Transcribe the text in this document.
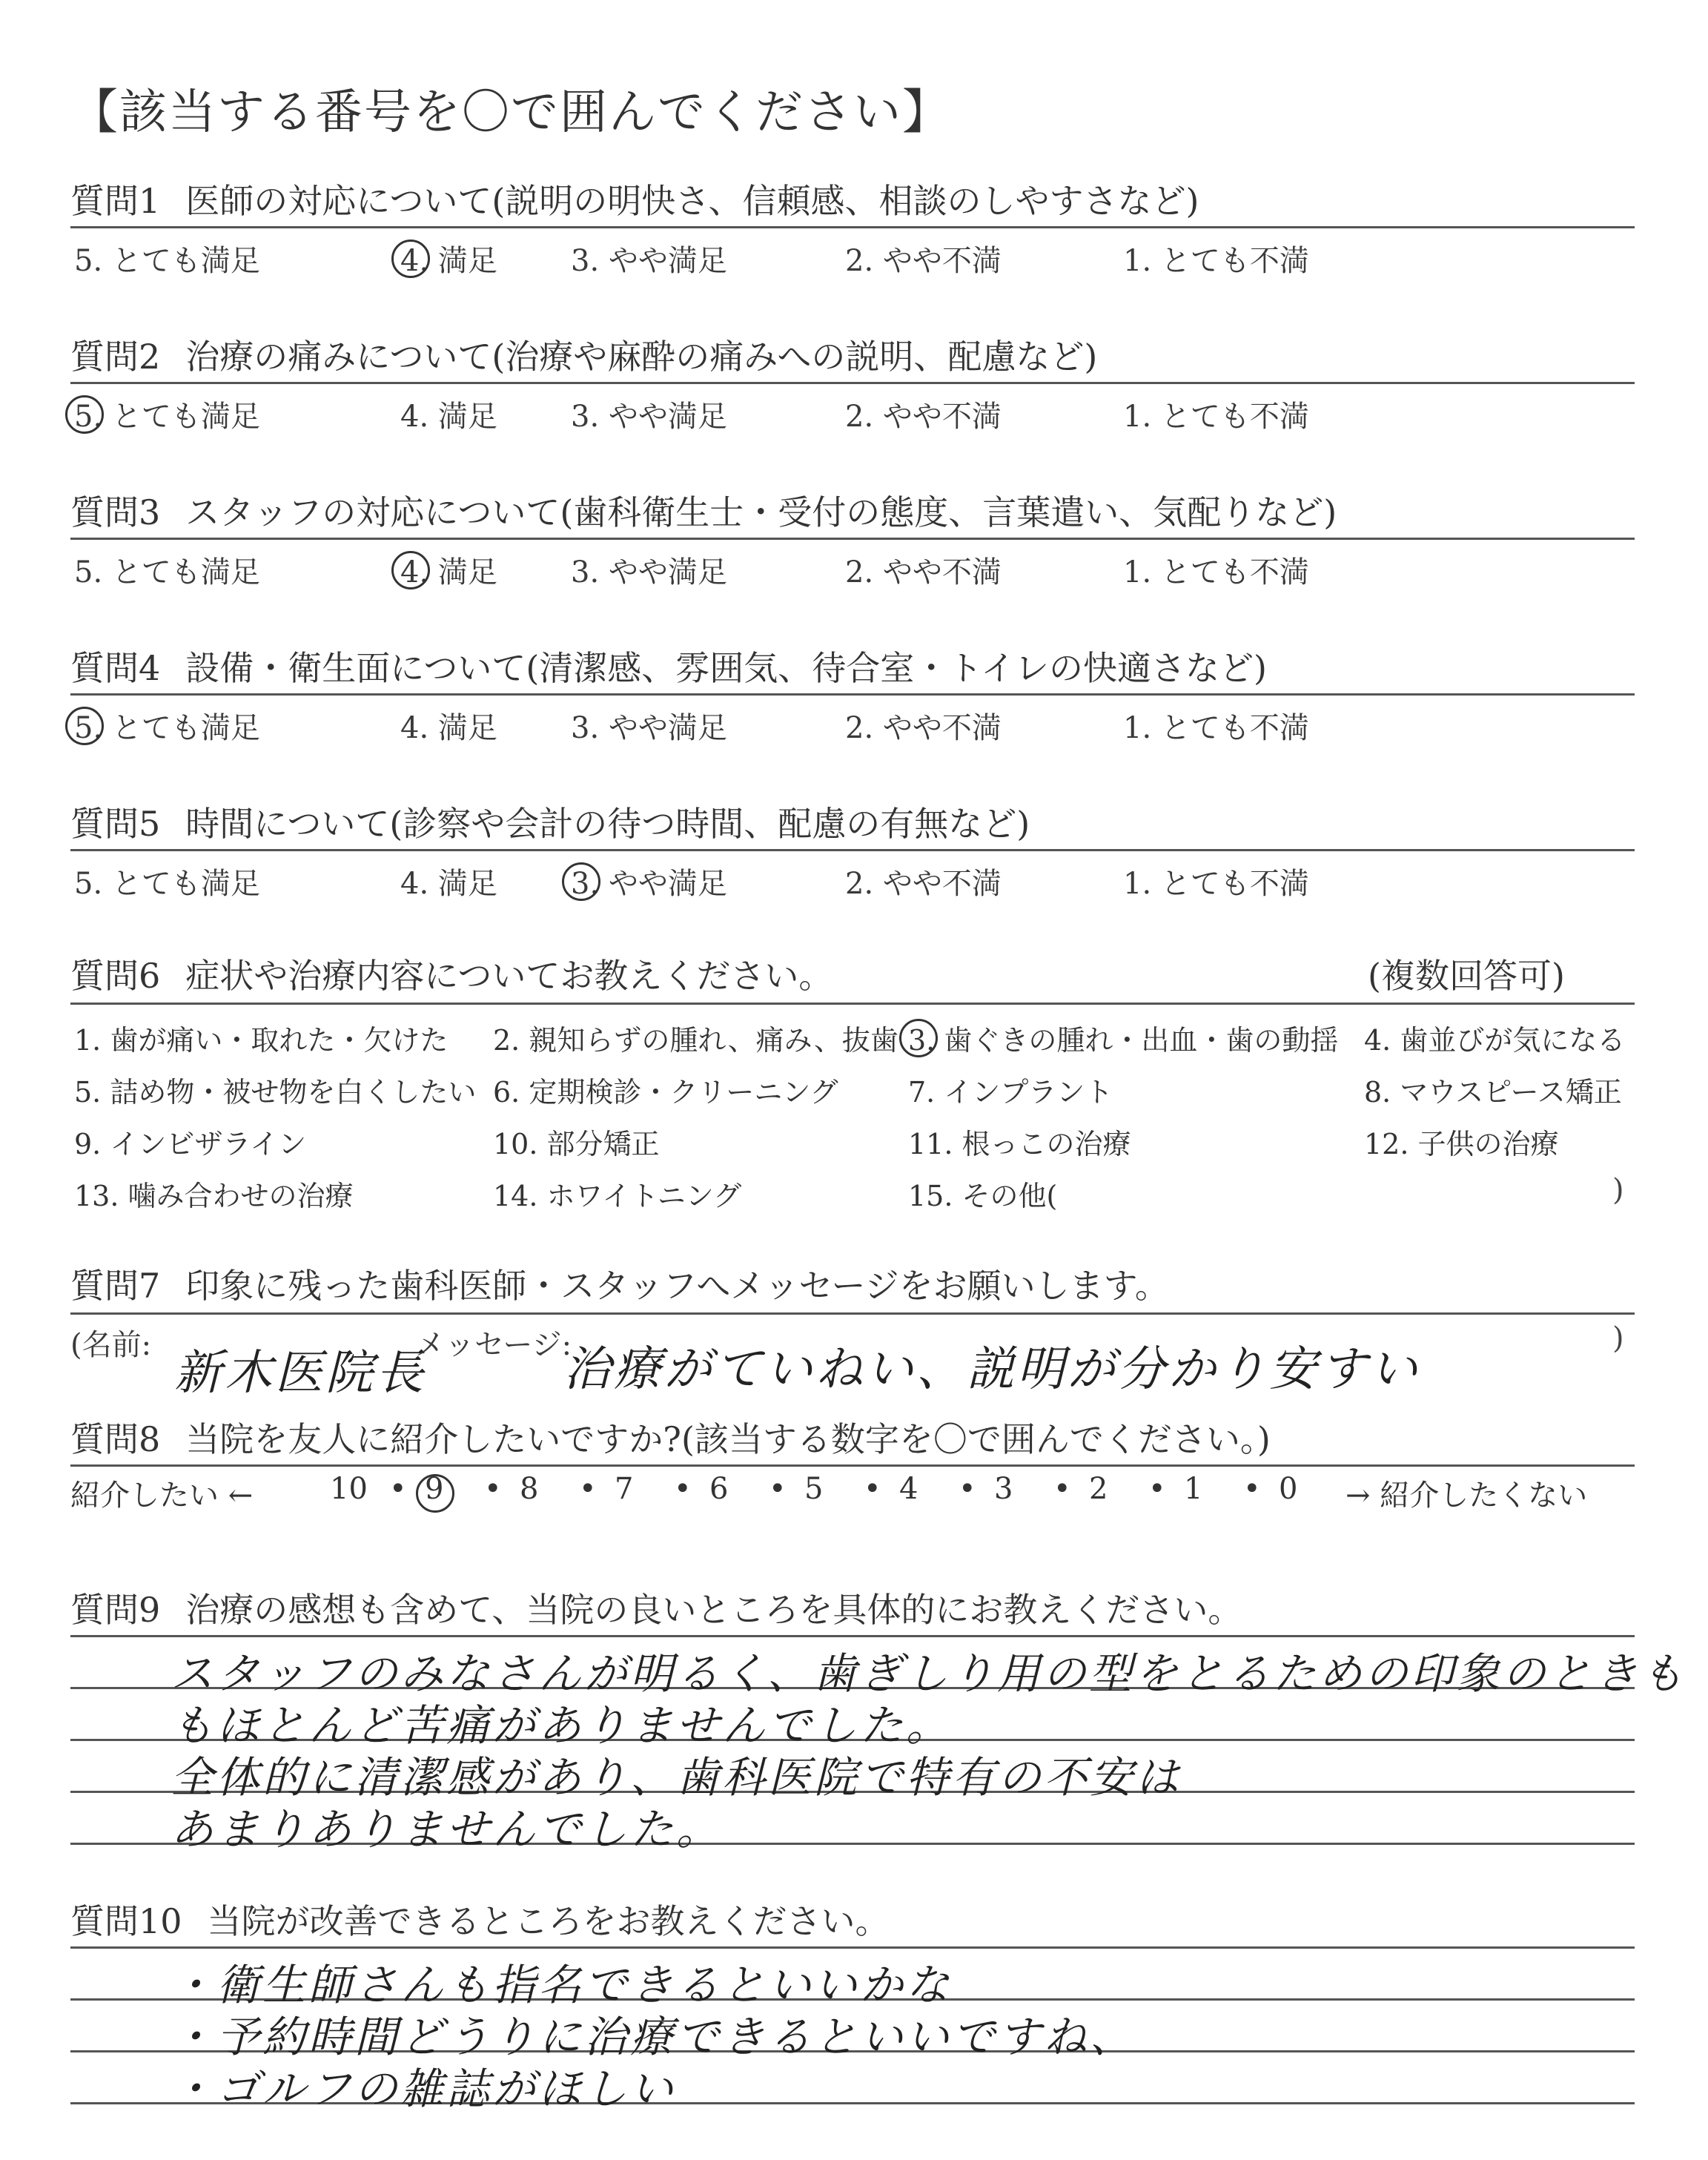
【該当する番号を〇で囲んでください】
質問1 医師の対応について(説明の明快さ、信頼感、相談のしやすさなど)
5. とても満足	4. 満足 3. やや満足	2. やや不満	1. とても不満
質問2 治療の痛みについて(治療や麻酔の痛みへの説明、配慮など)
5. とても満足	4. 満足 3. やや満足	2. やや不満	1. とても不満
質問3 スタッフの対応について(歯科衛生士・受付の態度、言葉遣い、気配りなど)
5. とても満足	4. 満足 3. やや満足	2. やや不満	1. とても不満
質問4 設備・衛生面について(清潔感、雰囲気、待合室・トイレの快適さなど)
5. とても満足	4. 満足 3. やや満足	2. やや不満	1. とても不満
質問5 時間について(診察や会計の待つ時間、配慮の有無など)
5. とても満足	4. 満足 3. やや満足	2. やや不満	1. とても不満
質問6 症状や治療内容についてお教えください。	(複数回答可)
1. 歯が痛い・取れた・欠けた 2. 親知らずの腫れ、痛み、抜歯 3. 歯ぐきの腫れ・出血・歯の動揺 4. 歯並びが気になる
5. 詰め物・被せ物を白くしたい 6. 定期検診・クリーニング 7. インプラント	8. マウスピース矯正
9. インビザライン	10. 部分矯正	11. 根っこの治療	12. 子供の治療
13. 噛み合わせの治療	14. ホワイトニング	15. その他(	)
質問7 印象に残った歯科医師・スタッフへメッセージをお願いします。
(名前:
新木医院長
メッセージ:
治療がていねい、説明が分かり安すい
)
質問8 当院を友人に紹介したいですか?(該当する数字を〇で囲んでください。)
紹介したい ←	→ 紹介したくない
10 • 9 • 8 • 7 • 6 • 5 • 4 • 3 • 2 • 1 • 0
質問9 治療の感想も含めて、当院の良いところを具体的にお教えください。
スタッフのみなさんが明るく、歯ぎしり用の型をとるための印象のときも
もほとんど苦痛がありませんでした。
全体的に清潔感があり、歯科医院で特有の不安は
あまりありませんでした。
質問10 当院が改善できるところをお教えください。
・衛生師さんも指名できるといいかな
・予約時間どうりに治療できるといいですね、
・ゴルフの雑誌がほしい
